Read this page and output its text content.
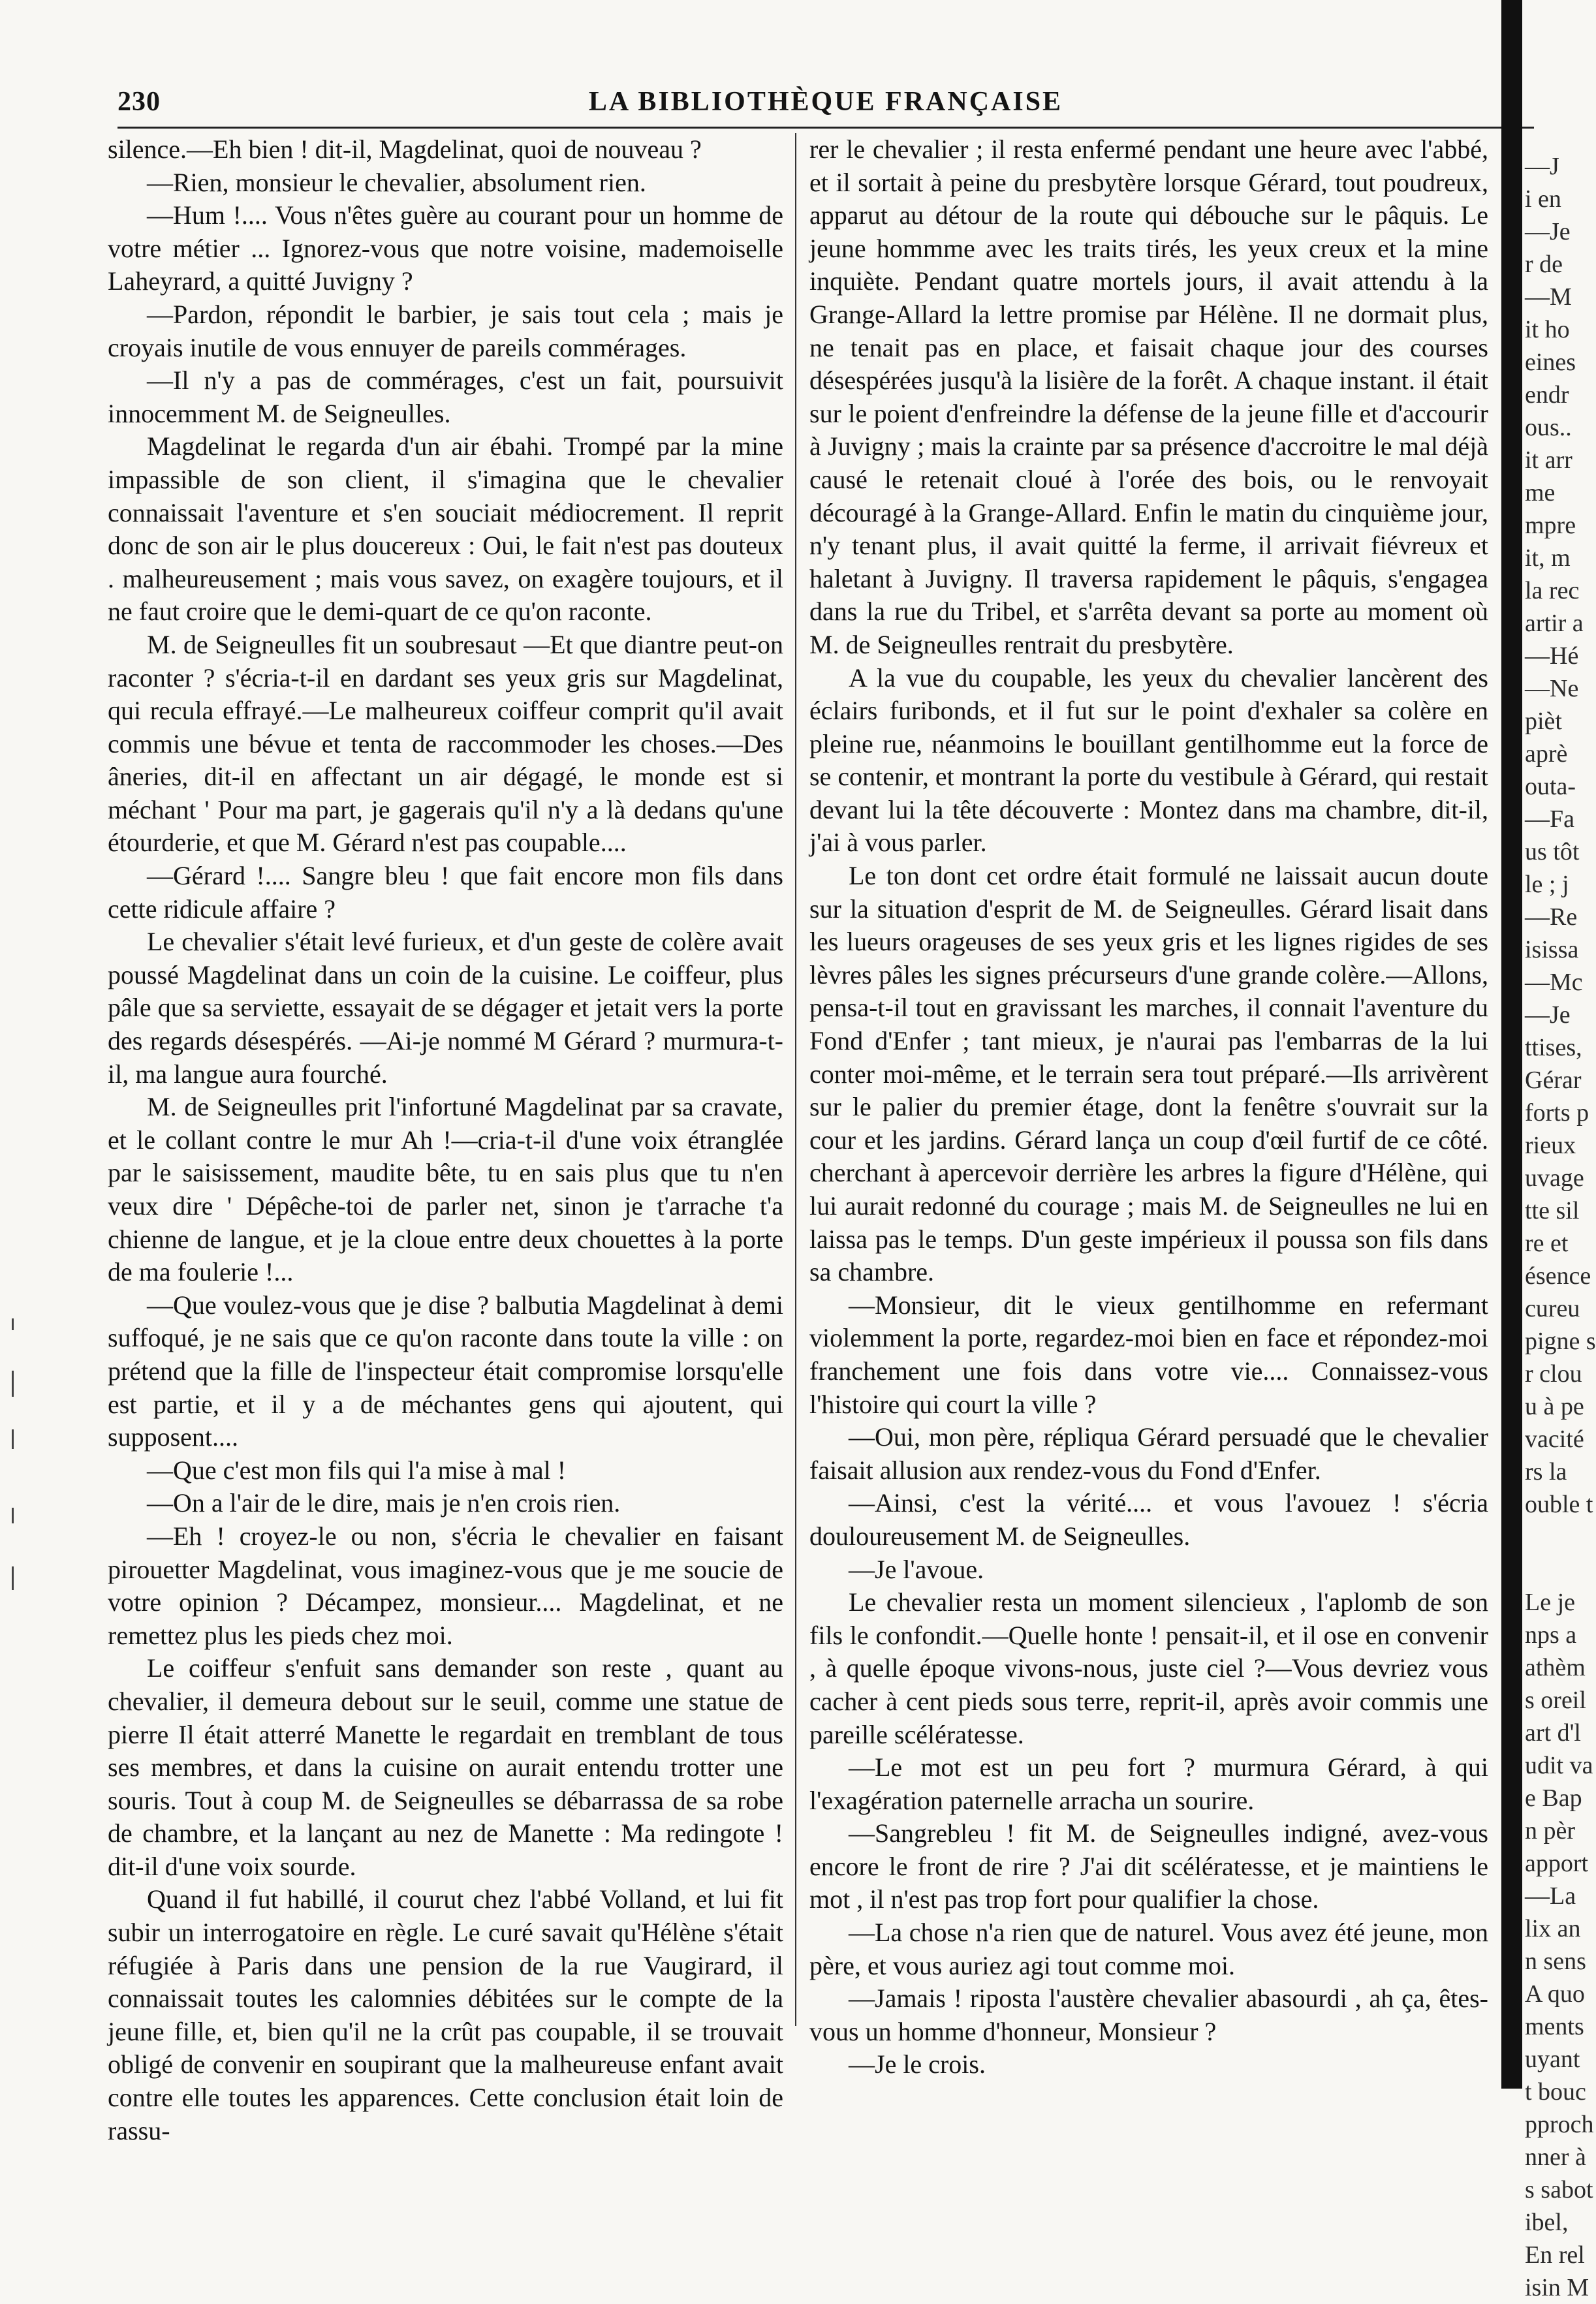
230	LA BIBLIOTHÈQUE FRANÇAISE

silence.—Eh bien ! dit-il, Magdelinat, quoi de nouveau ?

—Rien, monsieur le chevalier, absolument rien.

—Hum !.... Vous n'êtes guère au courant pour un homme de votre métier ... Ignorez-vous que notre voisine, mademoiselle Laheyrard, a quitté Juvigny ?

—Pardon, répondit le barbier, je sais tout cela ; mais je croyais inutile de vous ennuyer de pareils commérages.

—Il n'y a pas de commérages, c'est un fait, poursuivit innocemment M. de Seigneulles.

Magdelinat le regarda d'un air ébahi. Trompé par la mine impassible de son client, il s'imagina que le chevalier connaissait l'aventure et s'en souciait médiocrement. Il reprit donc de son air le plus doucereux : Oui, le fait n'est pas douteux . malheureusement ; mais vous savez, on exagère toujours, et il ne faut croire que le demi-quart de ce qu'on raconte.

M. de Seigneulles fit un soubresaut —Et que diantre peut-on raconter ? s'écria-t-il en dardant ses yeux gris sur Magdelinat, qui recula effrayé.—Le malheureux coiffeur comprit qu'il avait commis une bévue et tenta de raccommoder les choses.—Des âneries, dit-il en affectant un air dégagé, le monde est si méchant ' Pour ma part, je gagerais qu'il n'y a là dedans qu'une étourderie, et que M. Gérard n'est pas coupable....

—Gérard !.... Sangre bleu ! que fait encore mon fils dans cette ridicule affaire ?

Le chevalier s'était levé furieux, et d'un geste de colère avait poussé Magdelinat dans un coin de la cuisine. Le coiffeur, plus pâle que sa serviette, essayait de se dégager et jetait vers la porte des regards désespérés. —Ai-je nommé M Gérard ? murmura-t-il, ma langue aura fourché.

M. de Seigneulles prit l'infortuné Magdelinat par sa cravate, et le collant contre le mur Ah !—cria-t-il d'une voix étranglée par le saisissement, maudite bête, tu en sais plus que tu n'en veux dire ' Dépêche-toi de parler net, sinon je t'arrache t'a chienne de langue, et je la cloue entre deux chouettes à la porte de ma foulerie !...

—Que voulez-vous que je dise ? balbutia Magdelinat à demi suffoqué, je ne sais que ce qu'on raconte dans toute la ville : on prétend que la fille de l'inspecteur était compromise lorsqu'elle est partie, et il y a de méchantes gens qui ajoutent, qui supposent....

—Que c'est mon fils qui l'a mise à mal !

—On a l'air de le dire, mais je n'en crois rien.

—Eh ! croyez-le ou non, s'écria le chevalier en faisant pirouetter Magdelinat, vous imaginez-vous que je me soucie de votre opinion ? Décampez, monsieur.... Magdelinat, et ne remettez plus les pieds chez moi.

Le coiffeur s'enfuit sans demander son reste , quant au chevalier, il demeura debout sur le seuil, comme une statue de pierre Il était atterré Manette le regardait en tremblant de tous ses membres, et dans la cuisine on aurait entendu trotter une souris. Tout à coup M. de Seigneulles se débarrassa de sa robe de chambre, et la lançant au nez de Manette : Ma redingote ! dit-il d'une voix sourde.

Quand il fut habillé, il courut chez l'abbé Volland, et lui fit subir un interrogatoire en règle. Le curé savait qu'Hélène s'était réfugiée à Paris dans une pension de la rue Vaugirard, il connaissait toutes les calomnies débitées sur le compte de la jeune fille, et, bien qu'il ne la crût pas coupable, il se trouvait obligé de convenir en soupirant que la malheureuse enfant avait contre elle toutes les apparences. Cette conclusion était loin de rassu-

rer le chevalier ; il resta enfermé pendant une heure avec l'abbé, et il sortait à peine du presbytère lorsque Gérard, tout poudreux, apparut au détour de la route qui débouche sur le pâquis. Le jeune hommme avec les traits tirés, les yeux creux et la mine inquiète. Pendant quatre mortels jours, il avait attendu à la Grange-Allard la lettre promise par Hélène. Il ne dormait plus, ne tenait pas en place, et faisait chaque jour des courses désespérées jusqu'à la lisière de la forêt. A chaque instant. il était sur le poient d'enfreindre la défense de la jeune fille et d'accourir à Juvigny ; mais la crainte par sa présence d'accroitre le mal déjà causé le retenait cloué à l'orée des bois, ou le renvoyait découragé à la Grange-Allard. Enfin le matin du cinquième jour, n'y tenant plus, il avait quitté la ferme, il arrivait fiévreux et haletant à Juvigny. Il traversa rapidement le pâquis, s'engagea dans la rue du Tribel, et s'arrêta devant sa porte au moment où M. de Seigneulles rentrait du presbytère.

A la vue du coupable, les yeux du chevalier lancèrent des éclairs furibonds, et il fut sur le point d'exhaler sa colère en pleine rue, néanmoins le bouillant gentilhomme eut la force de se contenir, et montrant la porte du vestibule à Gérard, qui restait devant lui la tête découverte : Montez dans ma chambre, dit-il, j'ai à vous parler.

Le ton dont cet ordre était formulé ne laissait aucun doute sur la situation d'esprit de M. de Seigneulles. Gérard lisait dans les lueurs orageuses de ses yeux gris et les lignes rigides de ses lèvres pâles les signes précurseurs d'une grande colère.—Allons, pensa-t-il tout en gravissant les marches, il connait l'aventure du Fond d'Enfer ; tant mieux, je n'aurai pas l'embarras de la lui conter moi-même, et le terrain sera tout préparé.—Ils arrivèrent sur le palier du premier étage, dont la fenêtre s'ouvrait sur la cour et les jardins. Gérard lança un coup d'œil furtif de ce côté. cherchant à apercevoir derrière les arbres la figure d'Hélène, qui lui aurait redonné du courage ; mais M. de Seigneulles ne lui en laissa pas le temps. D'un geste impérieux il poussa son fils dans sa chambre.

—Monsieur, dit le vieux gentilhomme en refermant violemment la porte, regardez-moi bien en face et répondez-moi franchement une fois dans votre vie.... Connaissez-vous l'histoire qui court la ville ?

—Oui, mon père, répliqua Gérard persuadé que le chevalier faisait allusion aux rendez-vous du Fond d'Enfer.

—Ainsi, c'est la vérité.... et vous l'avouez ! s'écria douloureusement M. de Seigneulles.

—Je l'avoue.

Le chevalier resta un moment silencieux , l'aplomb de son fils le confondit.—Quelle honte ! pensait-il, et il ose en convenir , à quelle époque vivons-nous, juste ciel ?—Vous devriez vous cacher à cent pieds sous terre, reprit-il, après avoir commis une pareille scélératesse.

—Le mot est un peu fort ? murmura Gérard, à qui l'exagération paternelle arracha un sourire.

—Sangrebleu ! fit M. de Seigneulles indigné, avez-vous encore le front de rire ? J'ai dit scélératesse, et je maintiens le mot , il n'est pas trop fort pour qualifier la chose.

—La chose n'a rien que de naturel. Vous avez été jeune, mon père, et vous auriez agi tout comme moi.

—Jamais ! riposta l'austère chevalier abasourdi , ah ça, êtes-vous un homme d'honneur, Monsieur ?

—Je le crois.

—J
i en
—Je
r de
—M
it ho
eines
endr
ous..
it arr
me
mpre
it, m
la rec
artir a
—Hé
—Ne
pièt
aprè
outa-
—Fa
us tôt
le ; j
—Re
isissa
—Mc
—Je
ttises,
Gérar
forts p
rieux
uvage
tte sil
re et
ésence
cureu
pigne s
r clou
u à pe
vacité
rs la
ouble t
Le je
nps a
athèm
s oreil
art d'l
udit va
e Bap
n pèr
apport
—La
lix an
n sens
A quo
ments
uyant
t bouc
pproch
nner à
s sabot
ibel,
En rel
isin M
